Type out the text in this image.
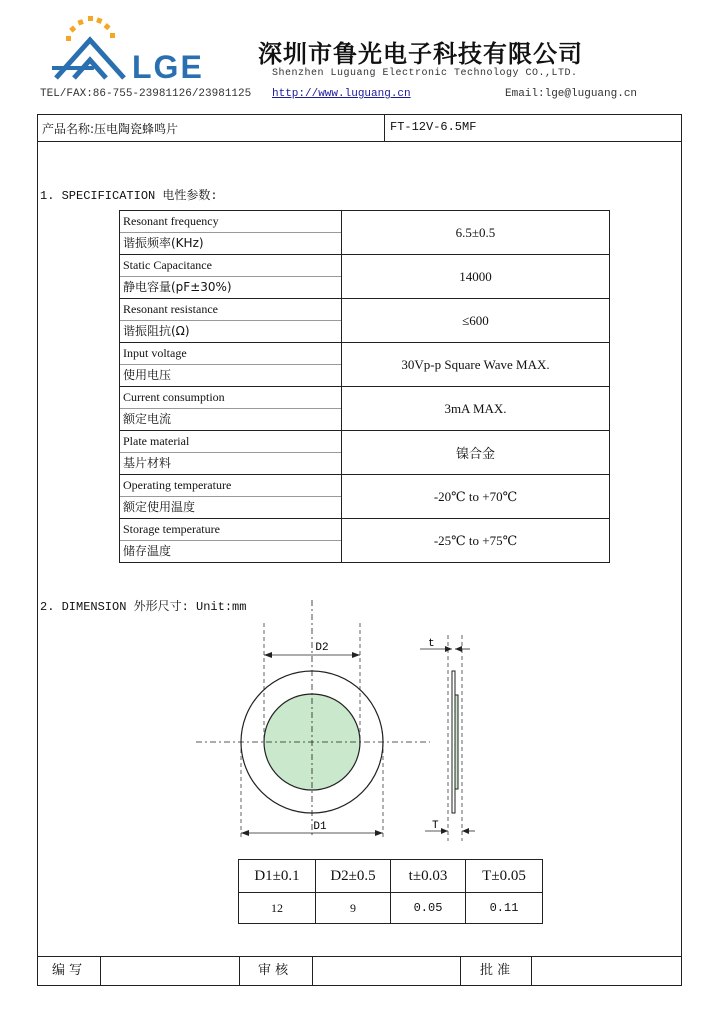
LGE 深圳市鲁光电子科技有限公司
Shenzhen Luguang Electronic Technology CO.,LTD.
TEL/FAX:86-755-23981126/23981125 http://www.luguang.cn	Email:lge@luguang.cn
产品名称:压电陶瓷蜂鸣片	FT-12V-6.5MF
1. SPECIFICATION 电性参数:
Resonant frequency
谐振频率(KHz)	6.5±0.5

Static Capacitance
静电容量(pF±30%)	14000

Resonant resistance
谐振阻抗(Ω)	≤600

Input voltage
使用电压	30Vp-p Square Wave MAX.

Current consumption
额定电流	3mA MAX.

Plate material
基片材料	镍合金

Operating temperature
额定使用温度	-20℃ to +70℃

Storage temperature
储存温度	-25℃ to +75℃
2. DIMENSION 外形尺寸: Unit:mm
D2
D1
t
T
D1±0.1	D2±0.5	t±0.03	T±0.05
12	9	0.05	0.11
编 写	审 核	批 准
